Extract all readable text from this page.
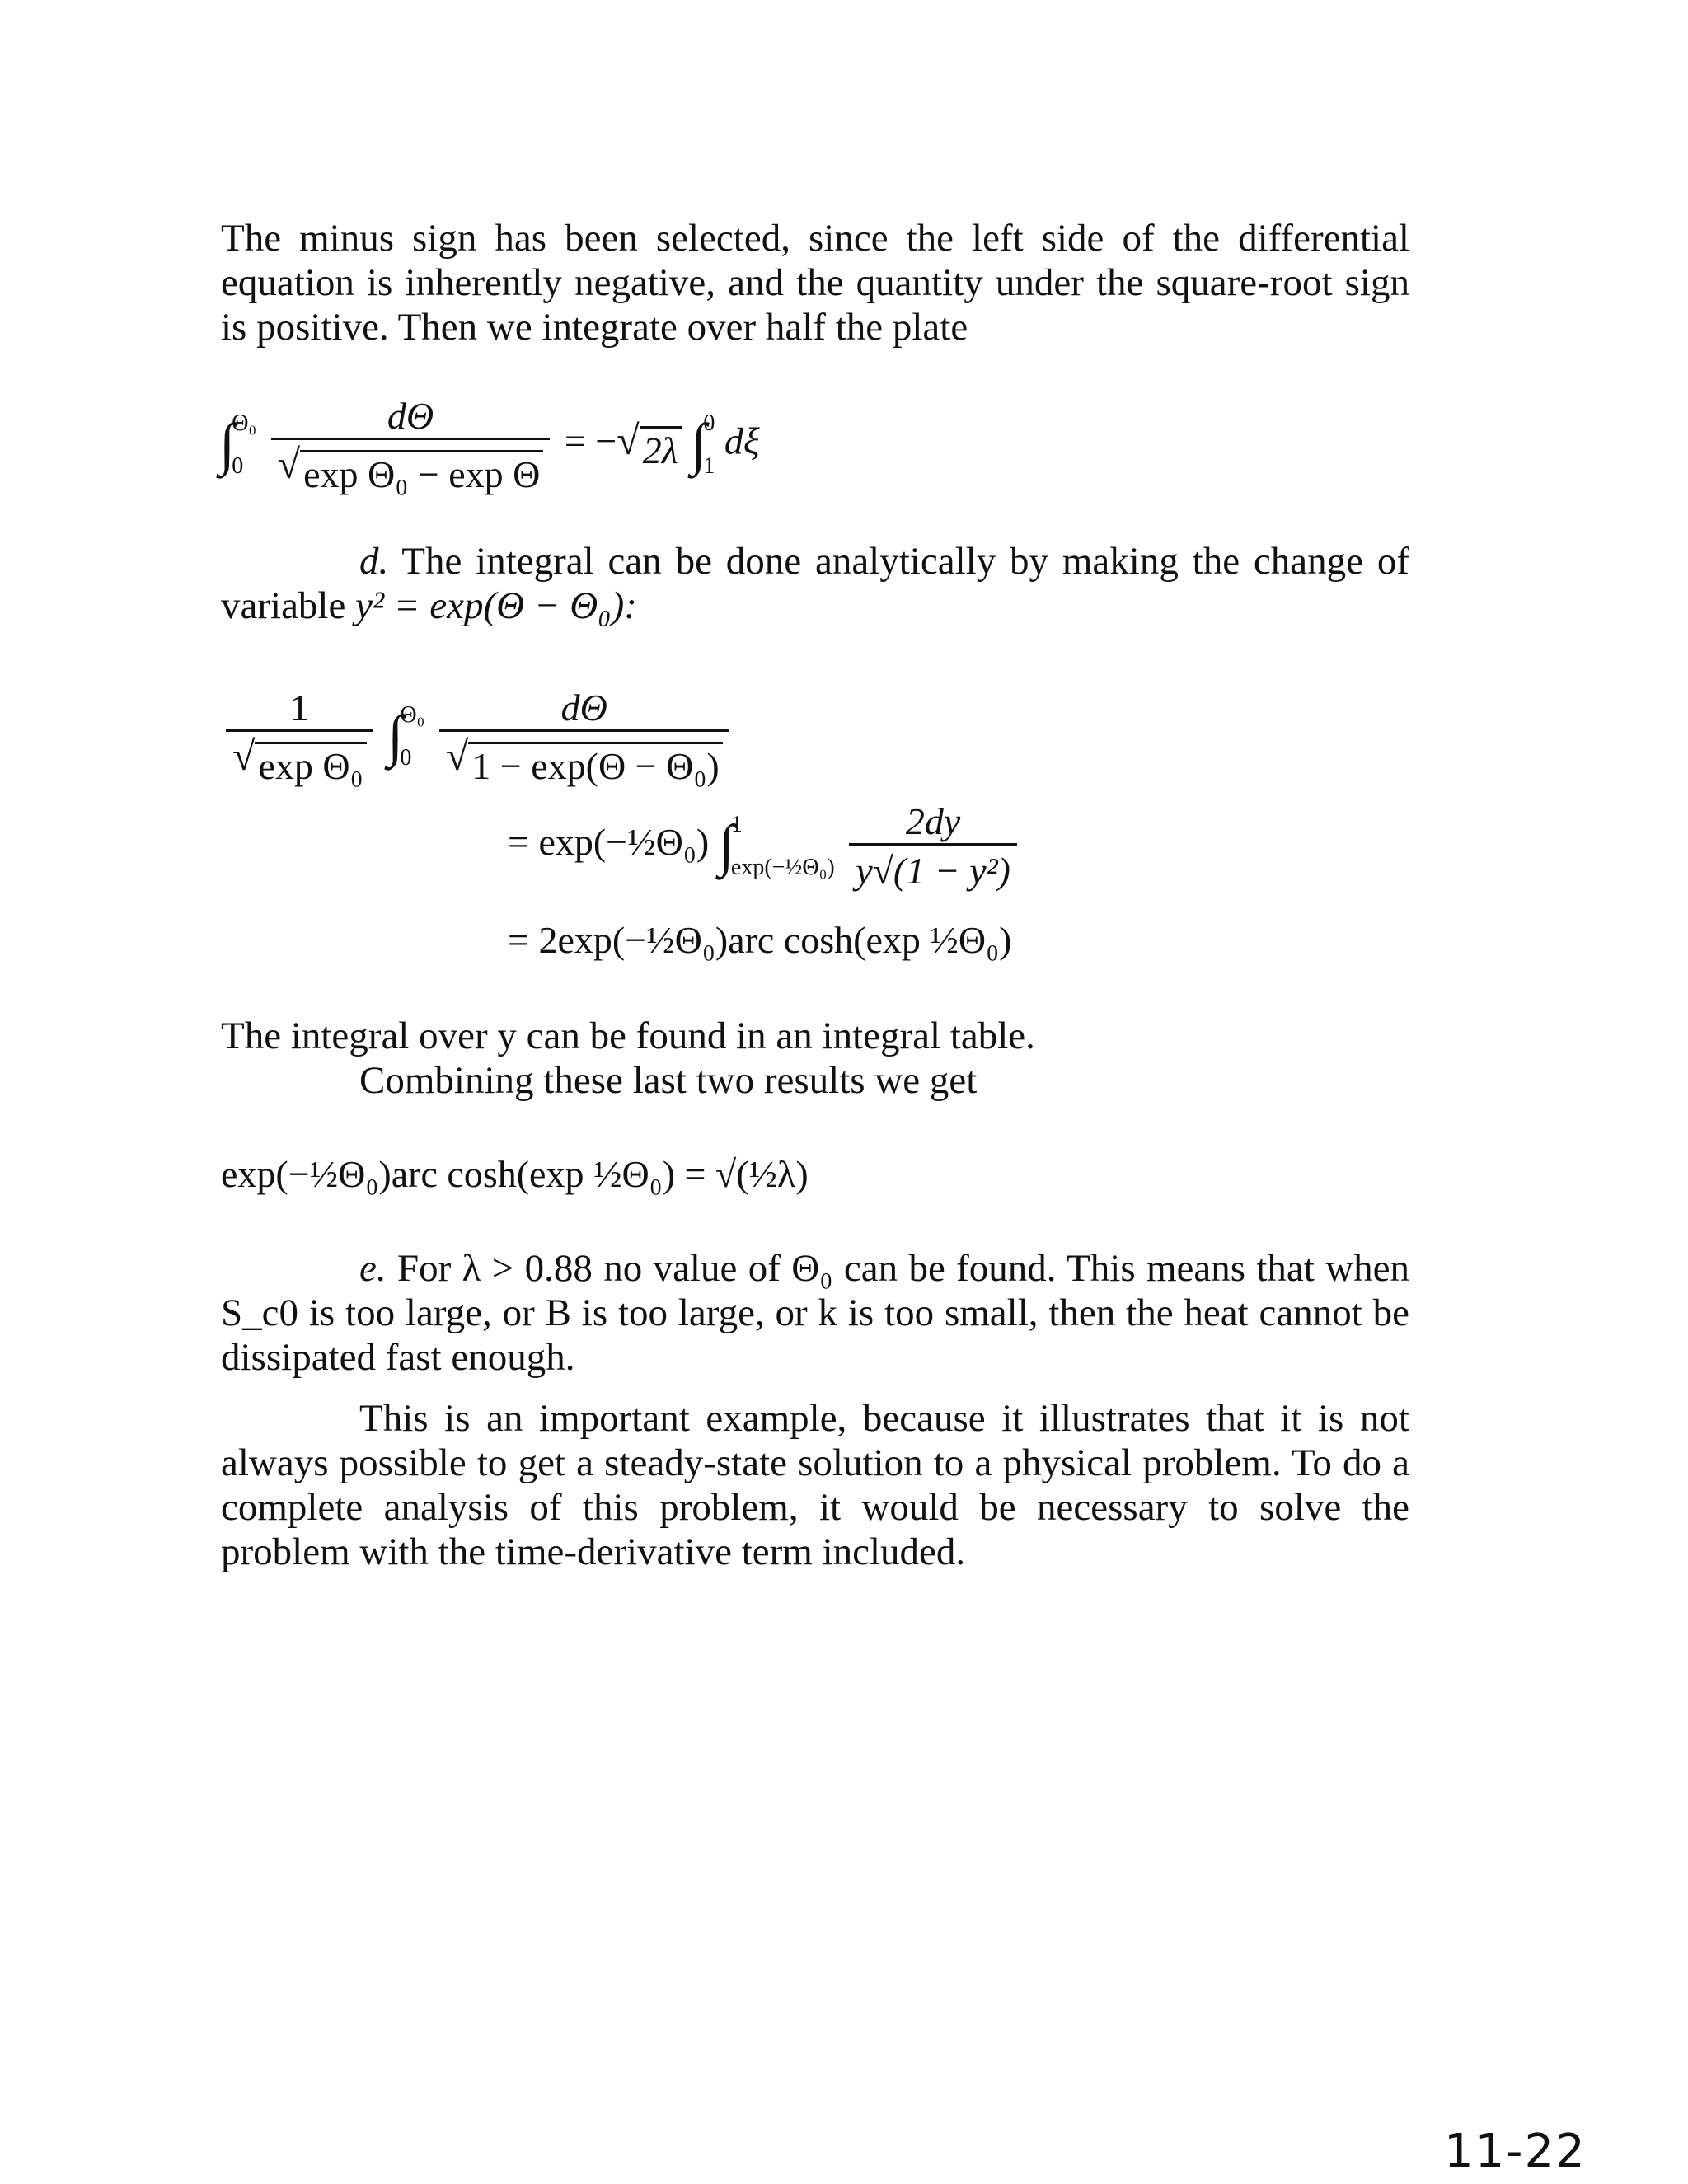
The minus sign has been selected, since the left side of the differential equation is inherently negative, and the quantity under the square-root sign is positive. Then we integrate over half the plate

∫
Θ₀
0
$\frac{d\Theta}{\text{√ exp Θ₀ − exp Θ}}$ = − √ 2λ
∫
0
1
dξ

d. The integral can be done analytically by making the change of variable y² = exp(Θ − Θ₀):

$\frac{1}{\text{√ exp Θ₀}}$
∫
Θ₀
0
$\frac{d\Theta}{\text{√ 1 − exp(Θ − Θ₀)}}$
= exp(−½Θ₀) ∫
1
exp(−½Θ₀)
$\frac{2dy}{\text{y√(1 − y²)}}$
= 2exp(−½Θ₀)arc cosh(exp ½Θ₀)

The integral over y can be found in an integral table.

Combining these last two results we get

exp(−½Θ₀)arc cosh(exp ½Θ₀) = √(½λ)

e. For λ > 0.88 no value of Θ₀ can be found. This means that when S_c0 is too large, or B is too large, or k is too small, then the heat cannot be dissipated fast enough.

This is an important example, because it illustrates that it is not always possible to get a steady-state solution to a physical problem. To do a complete analysis of this problem, it would be necessary to solve the problem with the time-derivative term included.

11-22
